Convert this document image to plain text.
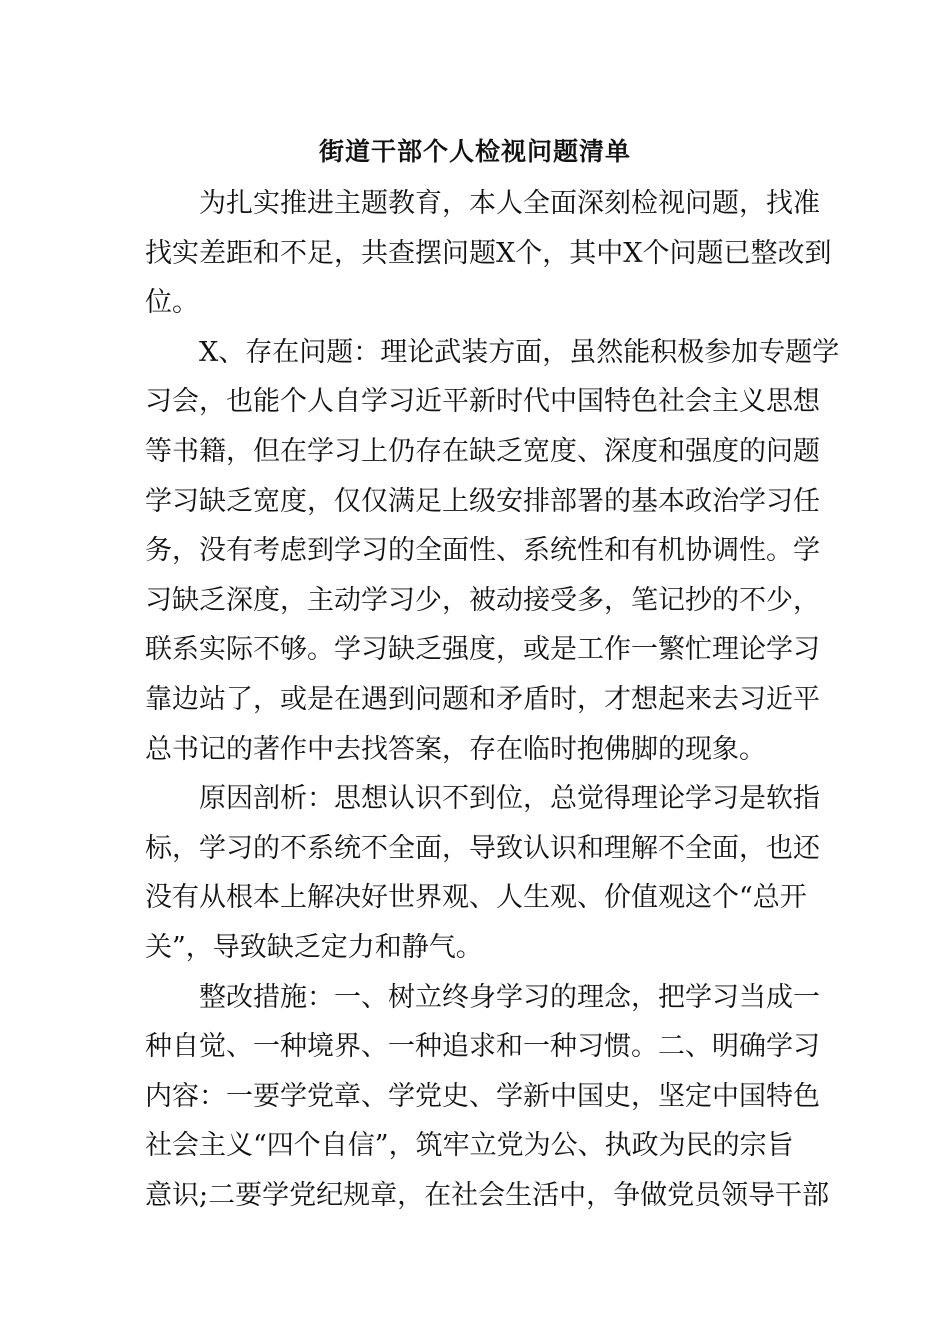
街道干部个人检视问题清单
为扎实推进主题教育，本人全面深刻检视问题，找准
找实差距和不足，共查摆问题X个，其中X个问题已整改到
位。
X、存在问题：理论武装方面，虽然能积极参加专题学
习会，也能个人自学习近平新时代中国特色社会主义思想
等书籍，但在学习上仍存在缺乏宽度、深度和强度的问题
学习缺乏宽度，仅仅满足上级安排部署的基本政治学习任
务，没有考虑到学习的全面性、系统性和有机协调性。学
习缺乏深度，主动学习少，被动接受多，笔记抄的不少，
联系实际不够。学习缺乏强度，或是工作一繁忙理论学习
靠边站了，或是在遇到问题和矛盾时，才想起来去习近平
总书记的著作中去找答案，存在临时抱佛脚的现象。
原因剖析：思想认识不到位，总觉得理论学习是软指
标，学习的不系统不全面，导致认识和理解不全面，也还
没有从根本上解决好世界观、人生观、价值观这个“总开
关”，导致缺乏定力和静气。
整改措施：一、树立终身学习的理念，把学习当成一
种自觉、一种境界、一种追求和一种习惯。二、明确学习
内容：一要学党章、学党史、学新中国史，坚定中国特色
社会主义“四个自信”，筑牢立党为公、执政为民的宗旨
意识;二要学党纪规章，在社会生活中，争做党员领导干部
